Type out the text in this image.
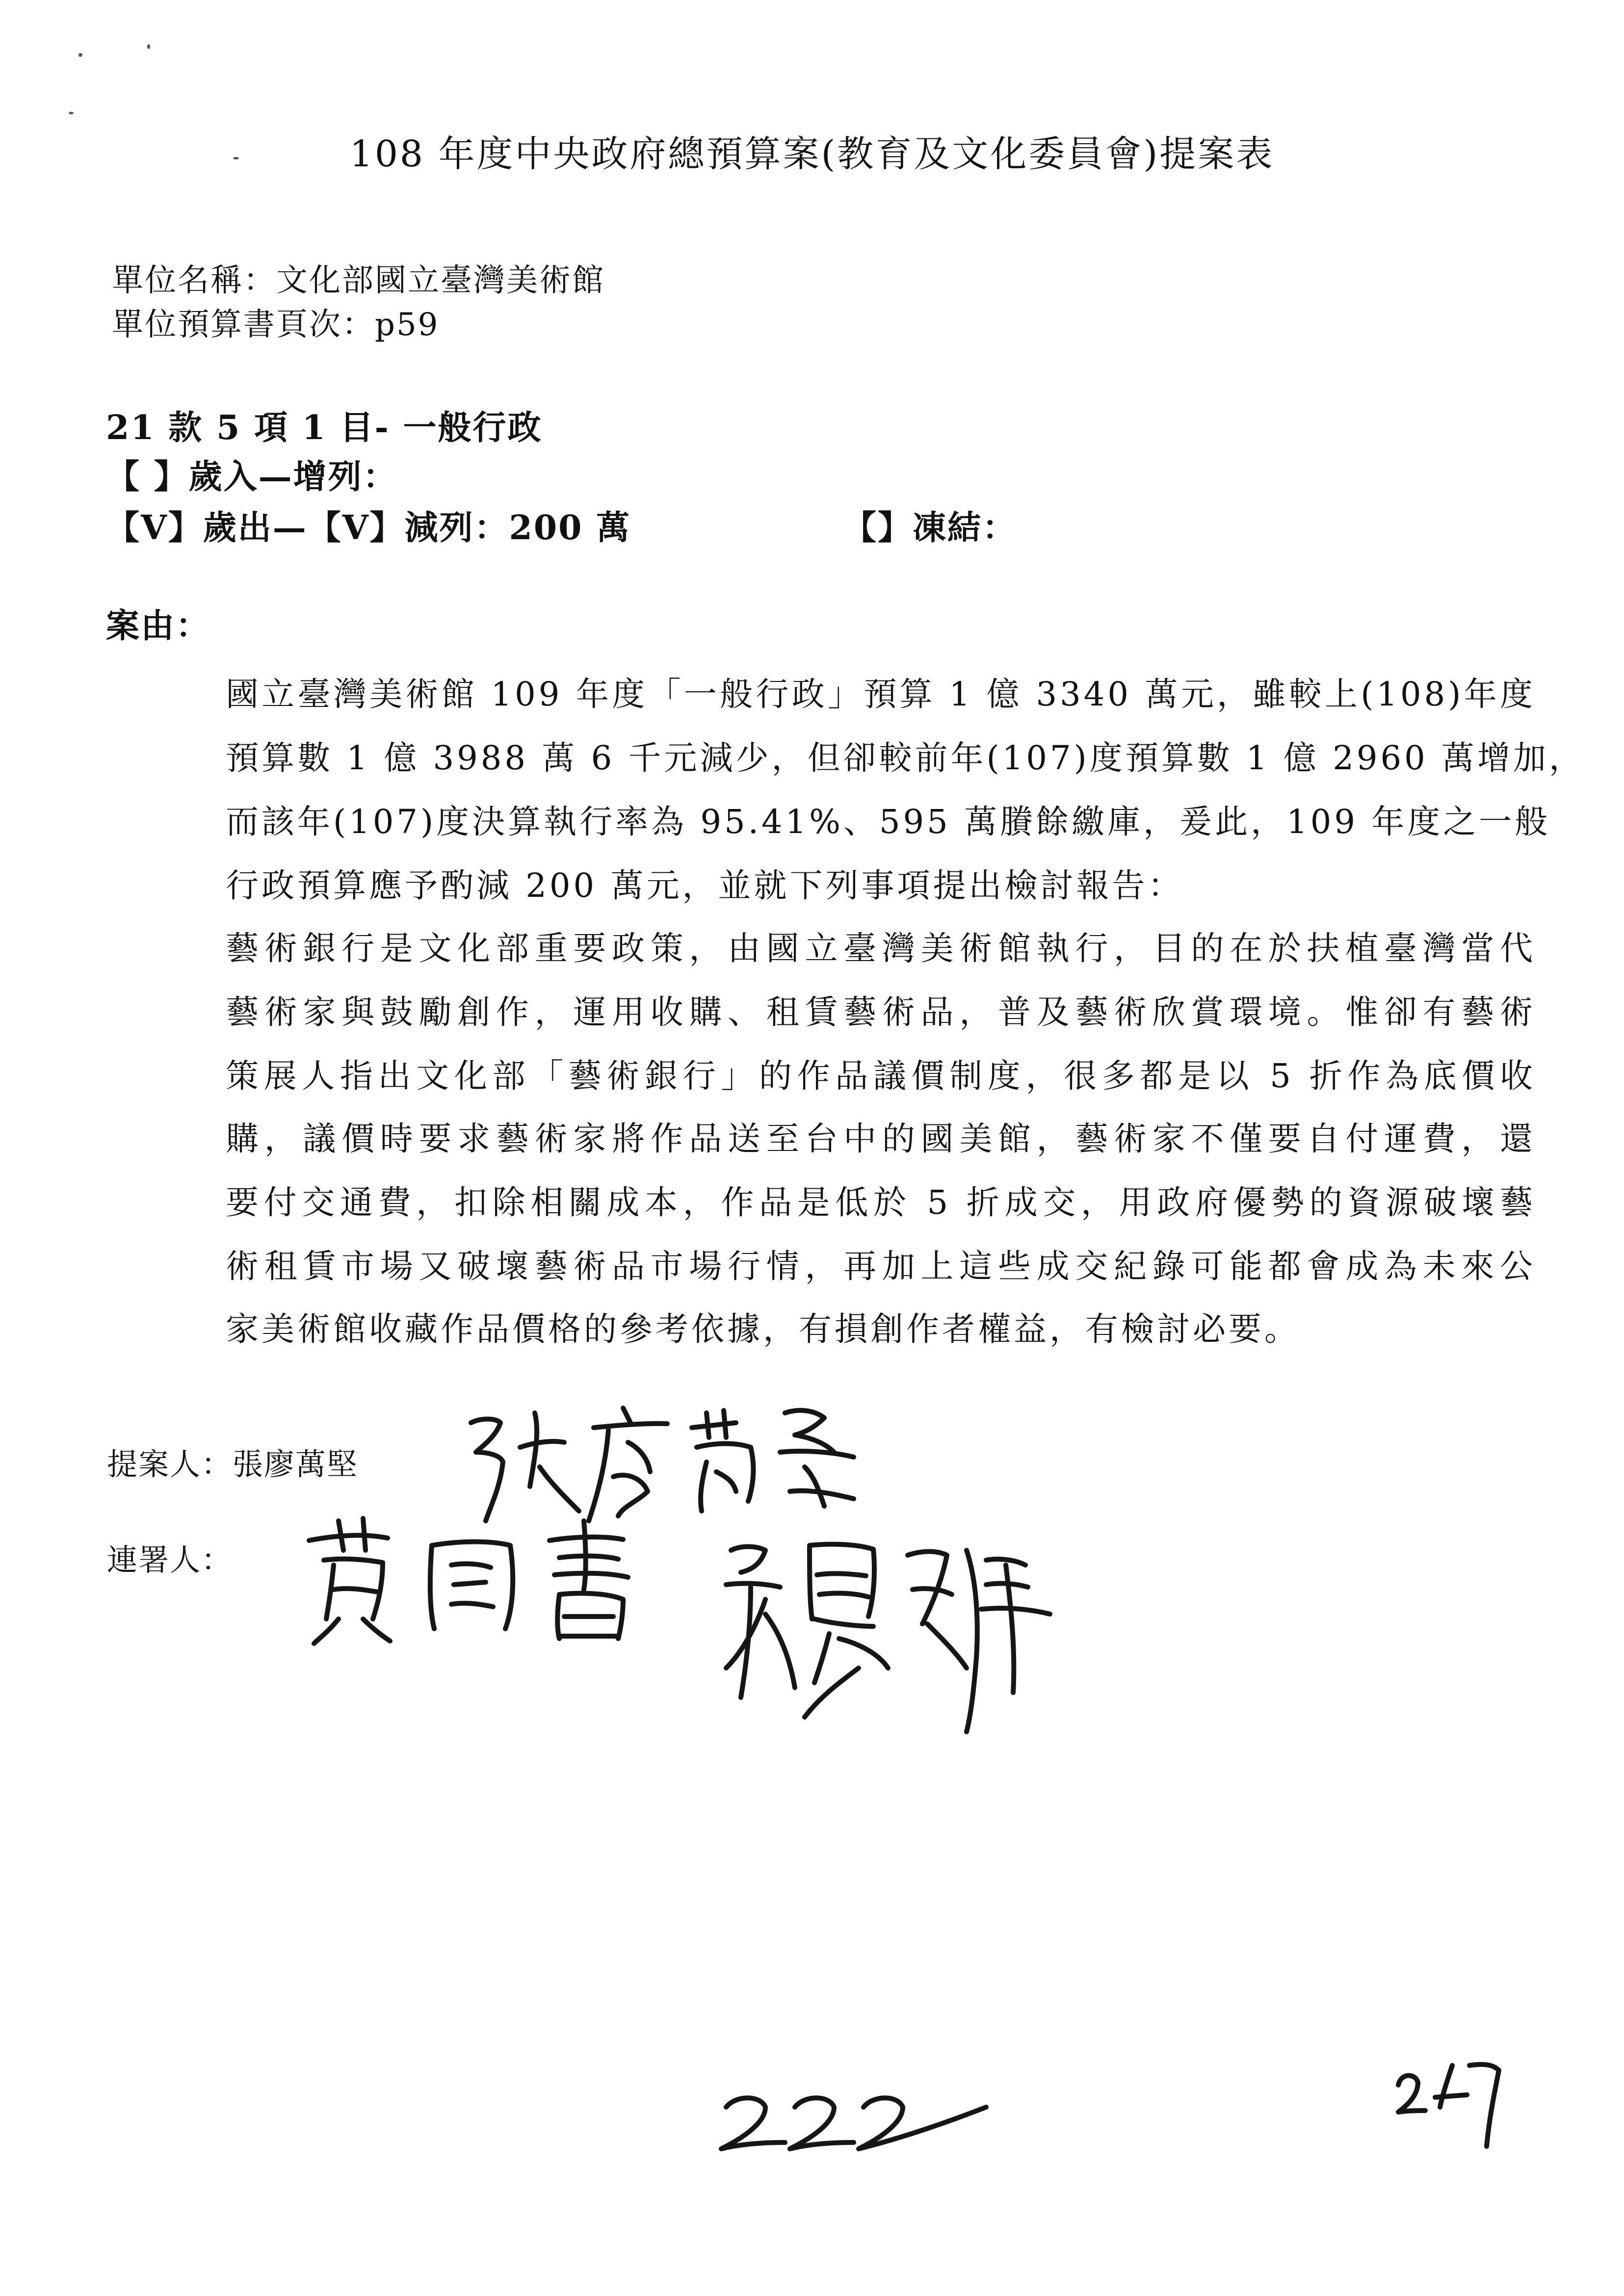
108 年度中央政府總預算案(教育及文化委員會)提案表
單位名稱：文化部國立臺灣美術館
單位預算書頁次：p59
21 款 5 項 1 目- 一般行政
【 】歲入—增列：
【V】歲出—【V】減列：200 萬	【】凍結：
案由：
國立臺灣美術館 109 年度「一般行政」預算 1 億 3340 萬元，雖較上(108)年度
預算數 1 億 3988 萬 6 千元減少，但卻較前年(107)度預算數 1 億 2960 萬增加，
而該年(107)度決算執行率為 95.41%、595 萬賸餘繳庫，爰此，109 年度之一般
行政預算應予酌減 200 萬元，並就下列事項提出檢討報告：
藝術銀行是文化部重要政策，由國立臺灣美術館執行，目的在於扶植臺灣當代
藝術家與鼓勵創作，運用收購、租賃藝術品，普及藝術欣賞環境。惟卻有藝術
策展人指出文化部「藝術銀行」的作品議價制度，很多都是以 5 折作為底價收
購，議價時要求藝術家將作品送至台中的國美館，藝術家不僅要自付運費，還
要付交通費，扣除相關成本，作品是低於 5 折成交，用政府優勢的資源破壞藝
術租賃市場又破壞藝術品市場行情，再加上這些成交紀錄可能都會成為未來公
家美術館收藏作品價格的參考依據，有損創作者權益，有檢討必要。
提案人：張廖萬堅
連署人：
